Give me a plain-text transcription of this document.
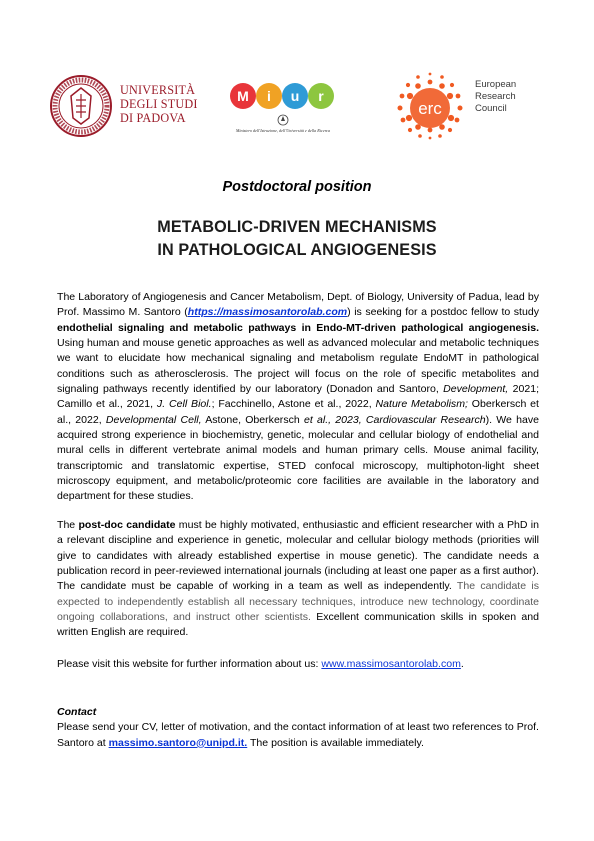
UNIVERSITÀ
DEGLI STUDI
DI PADOVA
M i u r
Ministero dell'Istruzione, dell'Università e della Ricerca
erc
European
Research
Council
Postdoctoral position
METABOLIC-DRIVEN MECHANISMS
IN PATHOLOGICAL ANGIOGENESIS

The Laboratory of Angiogenesis and Cancer Metabolism, Dept. of Biology, University of Padua, lead by Prof. Massimo M. Santoro (https://massimosantorolab.com) is seeking for a postdoc fellow to study endothelial signaling and metabolic pathways in Endo-MT-driven pathological angiogenesis. Using human and mouse genetic approaches as well as advanced molecular and metabolic techniques we want to elucidate how mechanical signaling and metabolism regulate EndoMT in pathological conditions such as atherosclerosis. The project will focus on the role of specific metabolites and signaling pathways recently identified by our laboratory (Donadon and Santoro, Development, 2021; Camillo et al., 2021, J. Cell Biol.; Facchinello, Astone et al., 2022, Nature Metabolism; Oberkersch et al., 2022, Developmental Cell, Astone, Oberkersch et al., 2023, Cardiovascular Research). We have acquired strong experience in biochemistry, genetic, molecular and cellular biology of endothelial and mural cells in different vertebrate animal models and human primary cells. Mouse animal facility, transcriptomic and translatomic expertise, STED confocal microscopy, multiphoton-light sheet microscopy equipment, and metabolic/proteomic core facilities are available in the laboratory and department for these studies.

The post-doc candidate must be highly motivated, enthusiastic and efficient researcher with a PhD in a relevant discipline and experience in genetic, molecular and cellular biology methods (priorities will give to candidates with already established expertise in mouse genetic). The candidate needs a publication record in peer-reviewed international journals (including at least one paper as a first author). The candidate must be capable of working in a team as well as independently. The candidate is expected to independently establish all necessary techniques, introduce new technology, coordinate ongoing collaborations, and instruct other scientists. Excellent communication skills in spoken and written English are required.

Please visit this website for further information about us: www.massimosantorolab.com.

Contact

Please send your CV, letter of motivation, and the contact information of at least two references to Prof. Santoro at massimo.santoro@unipd.it. The position is available immediately.
